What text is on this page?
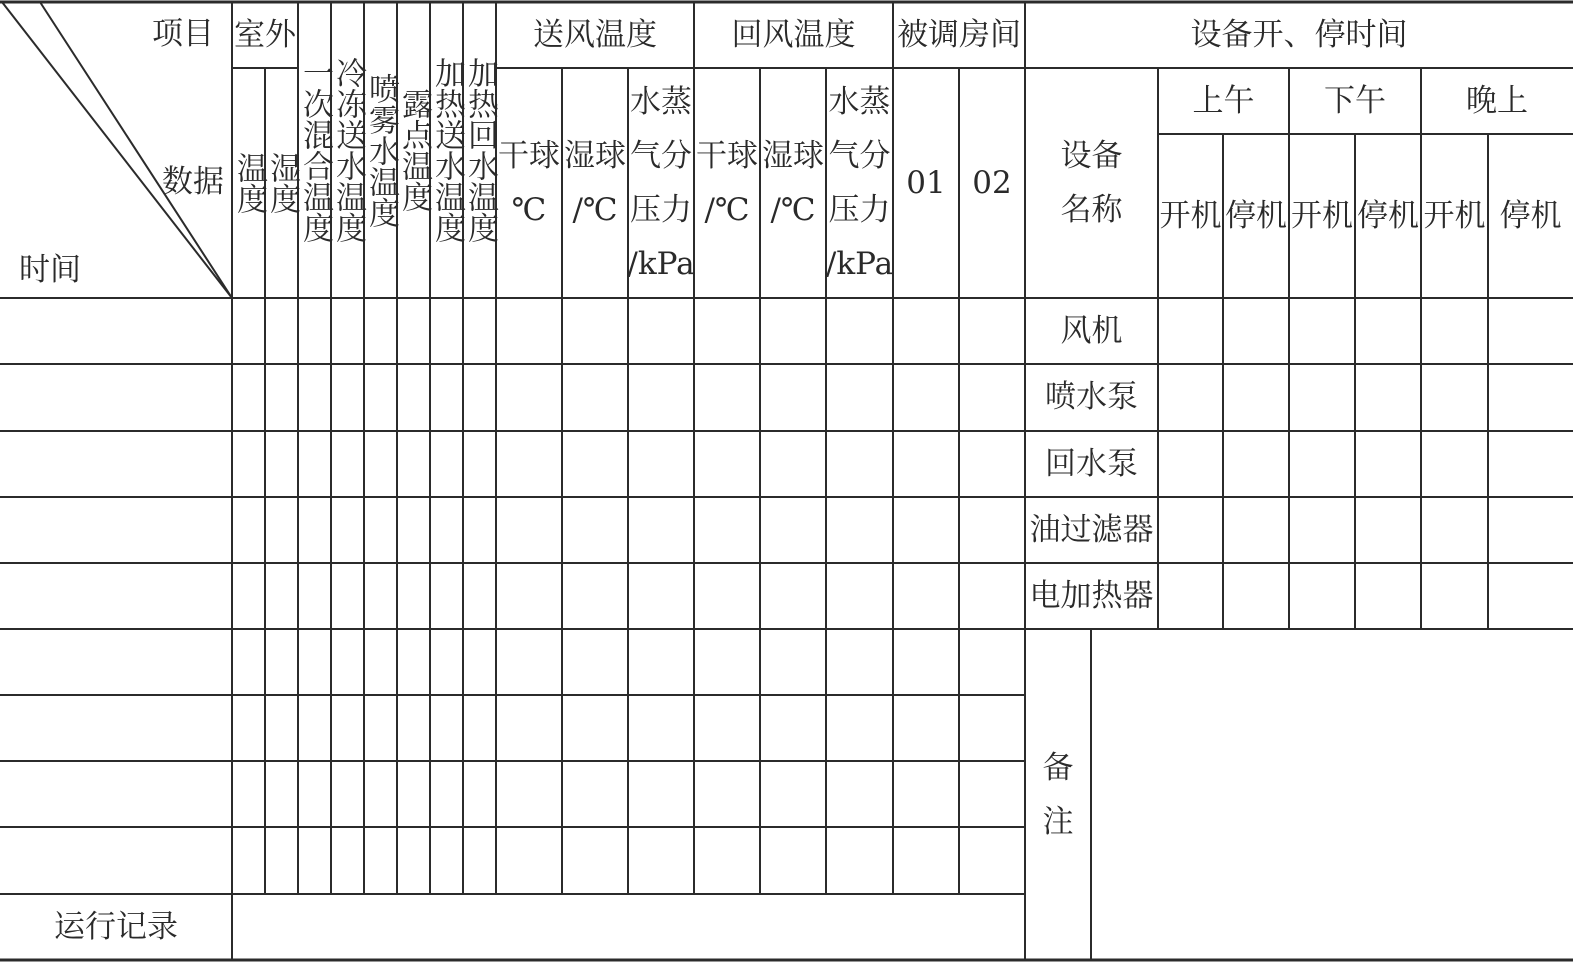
项目
数据
时间
室外
温度
湿度
一次混合温度
冷冻送水温度
喷雾水温度
露点温度
加热送水温度
加热回水温度
送风温度
干球
℃
湿球
/℃
水蒸
气分
压力
/kPa
回风温度
干球
/℃
湿球
/℃
水蒸
气分
压力
/kPa
被调房间
01 02
设备开、停时间
设备
名称
上午	下午	晚上
开机 停机 开机 停机 开机 停机
风机
喷水泵
回水泵
油过滤器
电加热器
备
注
运行记录
